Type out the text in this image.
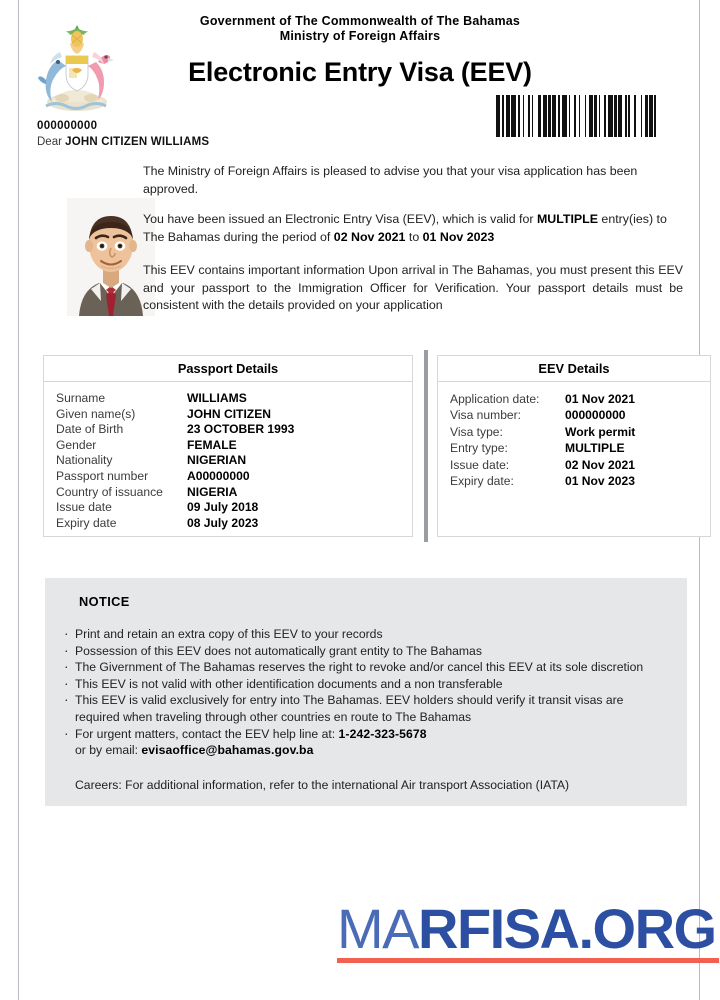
Government of The Commonwealth of The Bahamas
Ministry of Foreign Affairs
Electronic Entry Visa (EEV)
000000000
Dear JOHN CITIZEN WILLIAMS
The Ministry of Foreign Affairs is pleased to advise you that your visa application has been approved.
You have been issued an Electronic Entry Visa (EEV), which is valid for MULTIPLE entry(ies) to The Bahamas during the period of 02 Nov 2021 to 01 Nov 2023
This EEV contains important information Upon arrival in The Bahamas, you must present this EEV and your passport to the Immigration Officer for Verification. Your passport details must be consistent with the details provided on your application
Passport Details
Surname	WILLIAMS
Given name(s)	JOHN CITIZEN
Date of Birth	23 OCTOBER 1993
Gender	FEMALE
Nationality	NIGERIAN
Passport number	A00000000
Country of issuance	NIGERIA
Issue date	09 July 2018
Expiry date	08 July 2023
EEV Details
Application date:	01 Nov 2021
Visa number:	000000000
Visa type:	Work permit
Entry type:	MULTIPLE
Issue date:	02 Nov 2021
Expiry date:	01 Nov 2023
NOTICE
· Print and retain an extra copy of this EEV to your records
· Possession of this EEV does not automatically grant entity to The Bahamas
· The Givernment of The Bahamas reserves the right to revoke and/or cancel this EEV at its sole discretion
· This EEV is not valid with other identification documents and a non transferable
· This EEV is valid exclusively for entry into The Bahamas. EEV holders should verify it transit visas are required when traveling through other countries en route to The Bahamas
· For urgent matters, contact the EEV help line at: 1-242-323-5678
or by email: evisaoffice@bahamas.gov.ba
Careers: For additional information, refer to the international Air transport Association (IATA)
MARFISA.ORG
